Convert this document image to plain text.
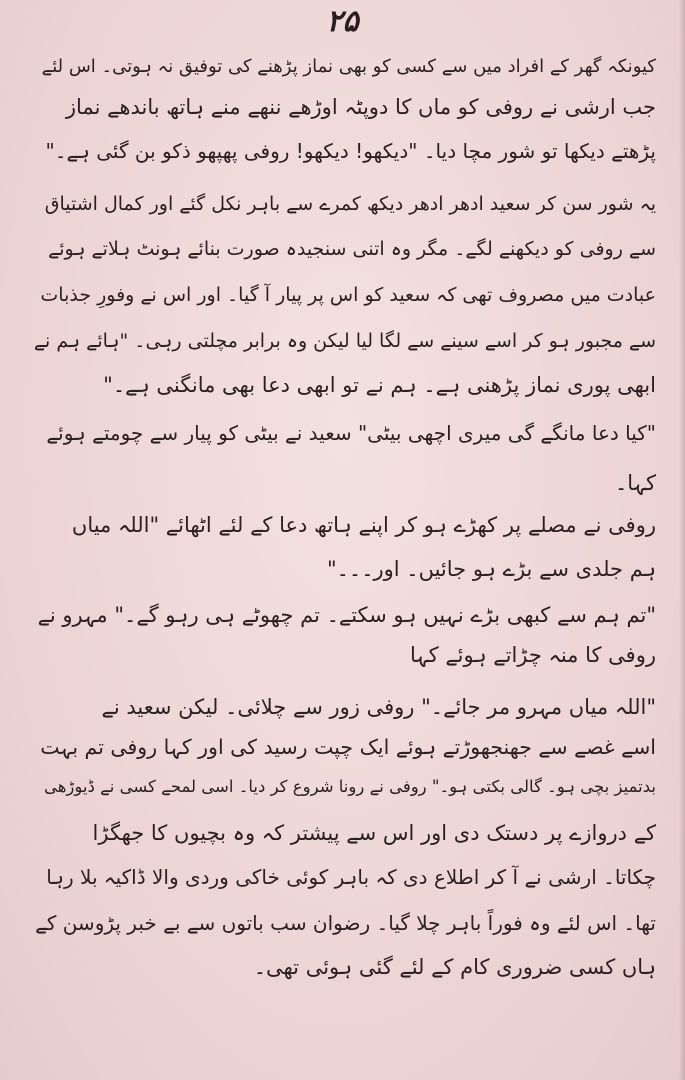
۲۵
کیونکہ گھر کے افراد میں سے کسی کو بھی نماز پڑھنے کی توفیق نہ ہوتی۔ اس لئے
جب ارشی نے روفی کو ماں کا دوپٹہ اوڑھے ننھے منے ہاتھ باندھے نماز
پڑھتے دیکھا تو شور مچا دیا۔ "دیکھو! دیکھو! روفی پھپھو ذکو بن گئی ہے۔"
یہ شور سن کر سعید ادھر ادھر دیکھ کمرے سے باہر نکل گئے اور کمال اشتیاق
سے روفی کو دیکھنے لگے۔ مگر وہ اتنی سنجیدہ صورت بنائے ہونٹ ہلاتے ہوئے
عبادت میں مصروف تھی کہ سعید کو اس پر پیار آ گیا۔ اور اس نے وفورِ جذبات
سے مجبور ہو کر اسے سینے سے لگا لیا لیکن وہ برابر مچلتی رہی۔ "ہائے ہم نے
ابھی پوری نماز پڑھنی ہے۔ ہم نے تو ابھی دعا بھی مانگنی ہے۔"
"کیا دعا مانگے گی میری اچھی بیٹی" سعید نے بیٹی کو پیار سے چومتے ہوئے
کہا۔
روفی نے مصلے پر کھڑے ہو کر اپنے ہاتھ دعا کے لئے اٹھائے "اللہ میاں
ہم جلدی سے بڑے ہو جائیں۔ اور۔۔۔"
"تم ہم سے کبھی بڑے نہیں ہو سکتے۔ تم چھوٹے ہی رہو گے۔" مہرو نے
روفی کا منہ چڑاتے ہوئے کہا
"اللہ میاں مہرو مر جائے۔" روفی زور سے چلائی۔ لیکن سعید نے
اسے غصے سے جھنجھوڑتے ہوئے ایک چپت رسید کی اور کہا روفی تم بہت
بدتمیز بچی ہو۔ گالی بکتی ہو۔" روفی نے رونا شروع کر دیا۔ اسی لمحے کسی نے ڈیوڑھی
کے دروازے پر دستک دی اور اس سے پیشتر کہ وہ بچیوں کا جھگڑا
چکاتا۔ ارشی نے آ کر اطلاع دی کہ باہر کوئی خاکی وردی والا ڈاکیہ بلا رہا
تھا۔ اس لئے وہ فوراً باہر چلا گیا۔ رضوان سب باتوں سے بے خبر پڑوسن کے
ہاں کسی ضروری کام کے لئے گئی ہوئی تھی۔
